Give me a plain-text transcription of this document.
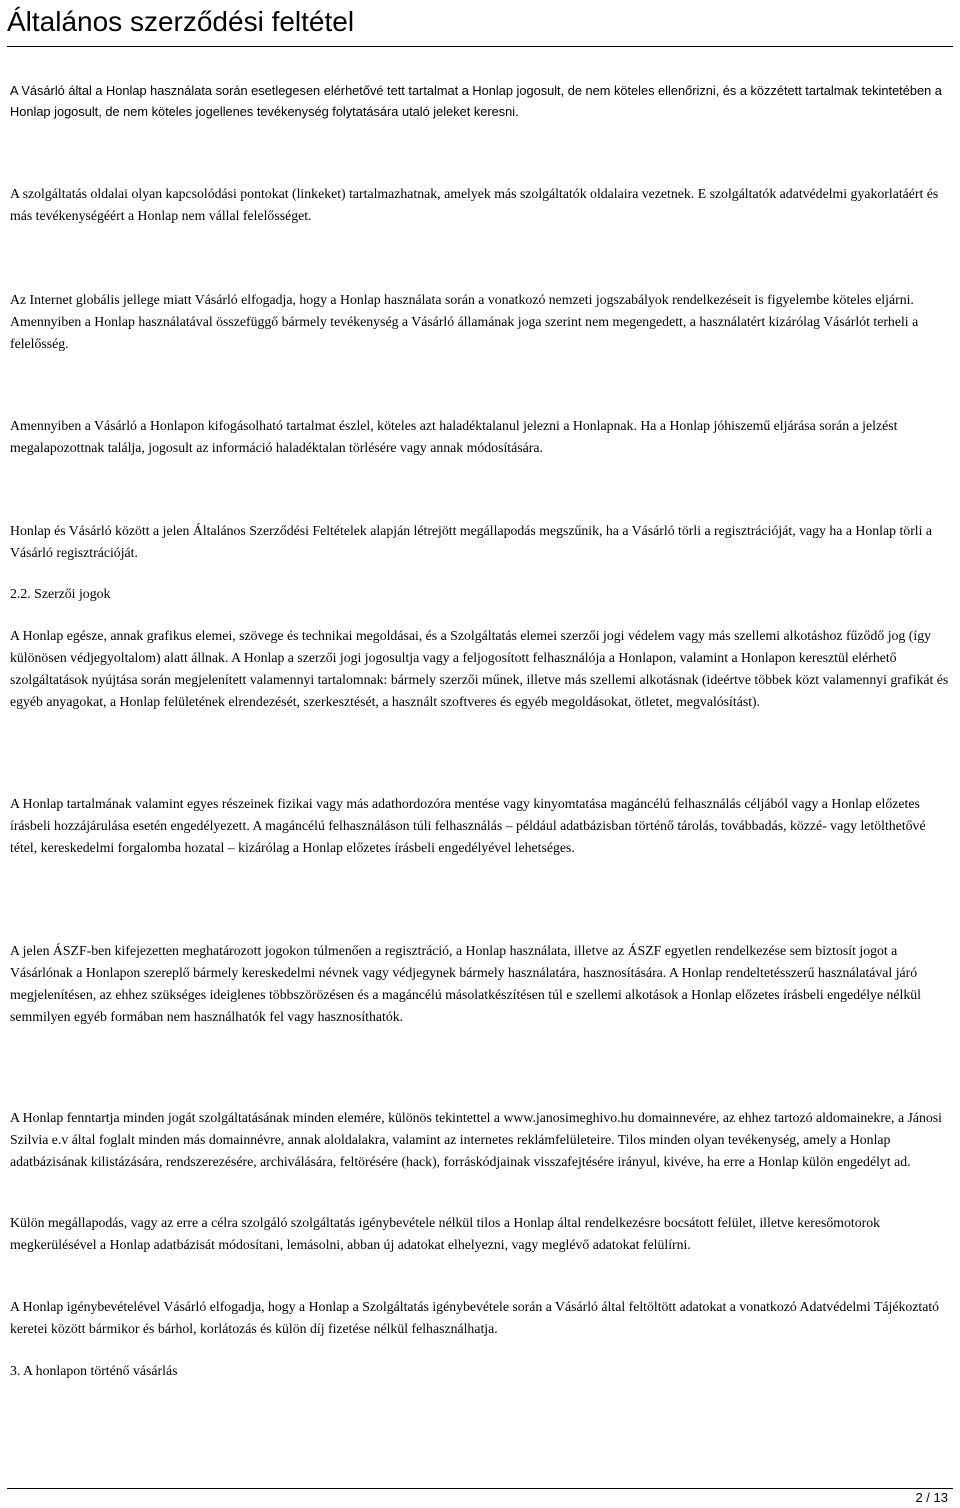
Általános szerződési feltétel

A Vásárló által a Honlap használata során esetlegesen elérhetővé tett tartalmat a Honlap jogosult, de nem köteles ellenőrizni, és a közzétett tartalmak tekintetében a Honlap jogosult, de nem köteles jogellenes tevékenység folytatására utaló jeleket keresni.

A szolgáltatás oldalai olyan kapcsolódási pontokat (linkeket) tartalmazhatnak, amelyek más szolgáltatók oldalaira vezetnek. E szolgáltatók adatvédelmi gyakorlatáért és más tevékenységéért a Honlap nem vállal felelősséget.

Az Internet globális jellege miatt Vásárló elfogadja, hogy a Honlap használata során a vonatkozó nemzeti jogszabályok rendelkezéseit is figyelembe köteles eljárni. Amennyiben a Honlap használatával összefüggő bármely tevékenység a Vásárló államának joga szerint nem megengedett, a használatért kizárólag Vásárlót terheli a felelősség.

Amennyiben a Vásárló a Honlapon kifogásolható tartalmat észlel, köteles azt haladéktalanul jelezni a Honlapnak. Ha a Honlap jóhiszemű eljárása során a jelzést megalapozottnak találja, jogosult az információ haladéktalan törlésére vagy annak módosítására.

Honlap és Vásárló között a jelen Általános Szerződési Feltételek alapján létrejött megállapodás megszűnik, ha a Vásárló törli a regisztrációját, vagy ha a Honlap törli a Vásárló regisztrációját.

2.2. Szerzői jogok

A Honlap egésze, annak grafikus elemei, szövege és technikai megoldásai, és a Szolgáltatás elemei szerzői jogi védelem vagy más szellemi alkotáshoz fűződő jog (így különösen védjegyoltalom) alatt állnak. A Honlap a szerzői jogi jogosultja vagy a feljogosított felhasználója a Honlapon, valamint a Honlapon keresztül elérhető szolgáltatások nyújtása során megjelenített valamennyi tartalomnak: bármely szerzői műnek, illetve más szellemi alkotásnak (ideértve többek közt valamennyi grafikát és egyéb anyagokat, a Honlap felületének elrendezését, szerkesztését, a használt szoftveres és egyéb megoldásokat, ötletet, megvalósítást).

A Honlap tartalmának valamint egyes részeinek fizikai vagy más adathordozóra mentése vagy kinyomtatása magáncélú felhasználás céljából vagy a Honlap előzetes írásbeli hozzájárulása esetén engedélyezett. A magáncélú felhasználáson túli felhasználás – például adatbázisban történő tárolás, továbbadás, közzé- vagy letölthetővé tétel, kereskedelmi forgalomba hozatal – kizárólag a Honlap előzetes írásbeli engedélyével lehetséges.

A jelen ÁSZF-ben kifejezetten meghatározott jogokon túlmenően a regisztráció, a Honlap használata, illetve az ÁSZF egyetlen rendelkezése sem biztosít jogot a Vásárlónak a Honlapon szereplő bármely kereskedelmi névnek vagy védjegynek bármely használatára, hasznosítására. A Honlap rendeltetésszerű használatával járó megjelenítésen, az ehhez szükséges ideiglenes többszörözésen és a magáncélú másolatkészítésen túl e szellemi alkotások a Honlap előzetes írásbeli engedélye nélkül semmilyen egyéb formában nem használhatók fel vagy hasznosíthatók.

A Honlap fenntartja minden jogát szolgáltatásának minden elemére, különös tekintettel a www.janosimeghivo.hu domainnevére, az ehhez tartozó aldomainekre, a Jánosi Szilvia e.v által foglalt minden más domainnévre, annak aloldalakra, valamint az internetes reklámfelületeire. Tilos minden olyan tevékenység, amely a Honlap adatbázisának kilistázására, rendszerezésére, archiválására, feltörésére (hack), forráskódjainak visszafejtésére irányul, kivéve, ha erre a Honlap külön engedélyt ad.

Külön megállapodás, vagy az erre a célra szolgáló szolgáltatás igénybevétele nélkül tilos a Honlap által rendelkezésre bocsátott felület, illetve keresőmotorok megkerülésével a Honlap adatbázisát módosítani, lemásolni, abban új adatokat elhelyezni, vagy meglévő adatokat felülírni.

A Honlap igénybevételével Vásárló elfogadja, hogy a Honlap a Szolgáltatás igénybevétele során a Vásárló által feltöltött adatokat a vonatkozó Adatvédelmi Tájékoztató keretei között bármikor és bárhol, korlátozás és külön díj fizetése nélkül felhasználhatja.

3. A honlapon történő vásárlás

2 / 13
